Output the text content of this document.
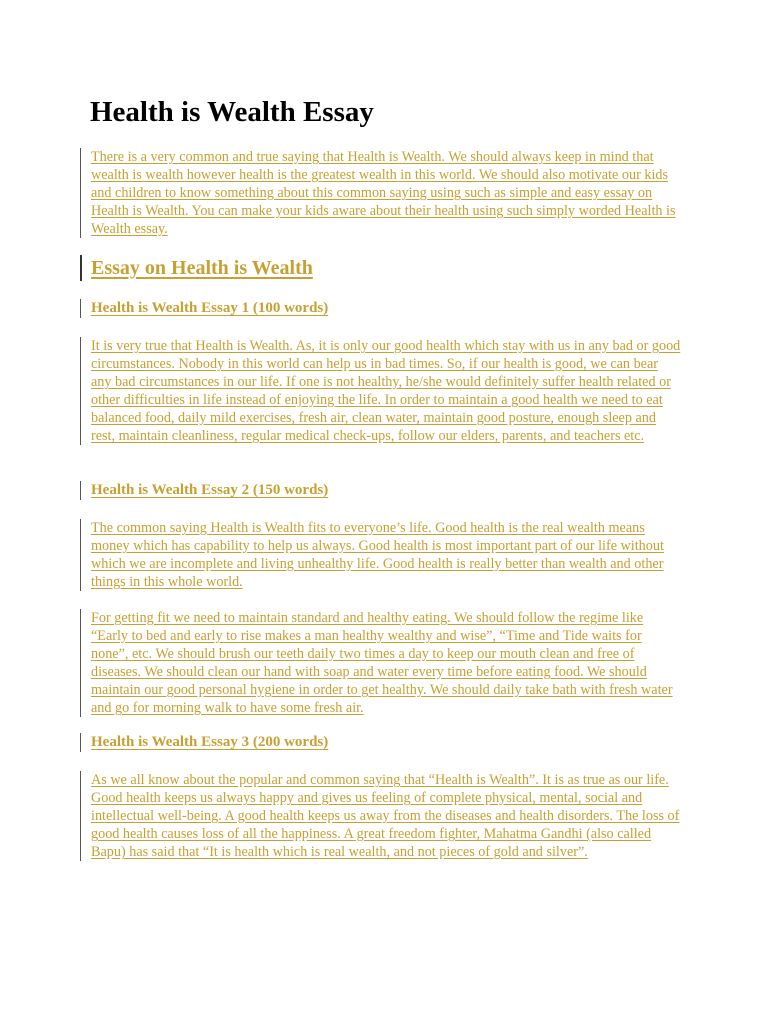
Health is Wealth Essay

There is a very common and true saying that Health is Wealth. We should always keep in mind that wealth is wealth however health is the greatest wealth in this world. We should also motivate our kids and children to know something about this common saying using such as simple and easy essay on Health is Wealth. You can make your kids aware about their health using such simply worded Health is Wealth essay.

Essay on Health is Wealth
Health is Wealth Essay 1 (100 words)

It is very true that Health is Wealth. As, it is only our good health which stay with us in any bad or good circumstances. Nobody in this world can help us in bad times. So, if our health is good, we can bear any bad circumstances in our life. If one is not healthy, he/she would definitely suffer health related or other difficulties in life instead of enjoying the life. In order to maintain a good health we need to eat balanced food, daily mild exercises, fresh air, clean water, maintain good posture, enough sleep and rest, maintain cleanliness, regular medical check-ups, follow our elders, parents, and teachers etc.

Health is Wealth Essay 2 (150 words)

The common saying Health is Wealth fits to everyone’s life. Good health is the real wealth means money which has capability to help us always. Good health is most important part of our life without which we are incomplete and living unhealthy life. Good health is really better than wealth and other things in this whole world.

For getting fit we need to maintain standard and healthy eating. We should follow the regime like “Early to bed and early to rise makes a man healthy wealthy and wise”, “Time and Tide waits for none”, etc. We should brush our teeth daily two times a day to keep our mouth clean and free of diseases. We should clean our hand with soap and water every time before eating food. We should maintain our good personal hygiene in order to get healthy. We should daily take bath with fresh water and go for morning walk to have some fresh air.

Health is Wealth Essay 3 (200 words)

As we all know about the popular and common saying that “Health is Wealth”. It is as true as our life. Good health keeps us always happy and gives us feeling of complete physical, mental, social and intellectual well-being. A good health keeps us away from the diseases and health disorders. The loss of good health causes loss of all the happiness. A great freedom fighter, Mahatma Gandhi (also called Bapu) has said that “It is health which is real wealth, and not pieces of gold and silver”.
